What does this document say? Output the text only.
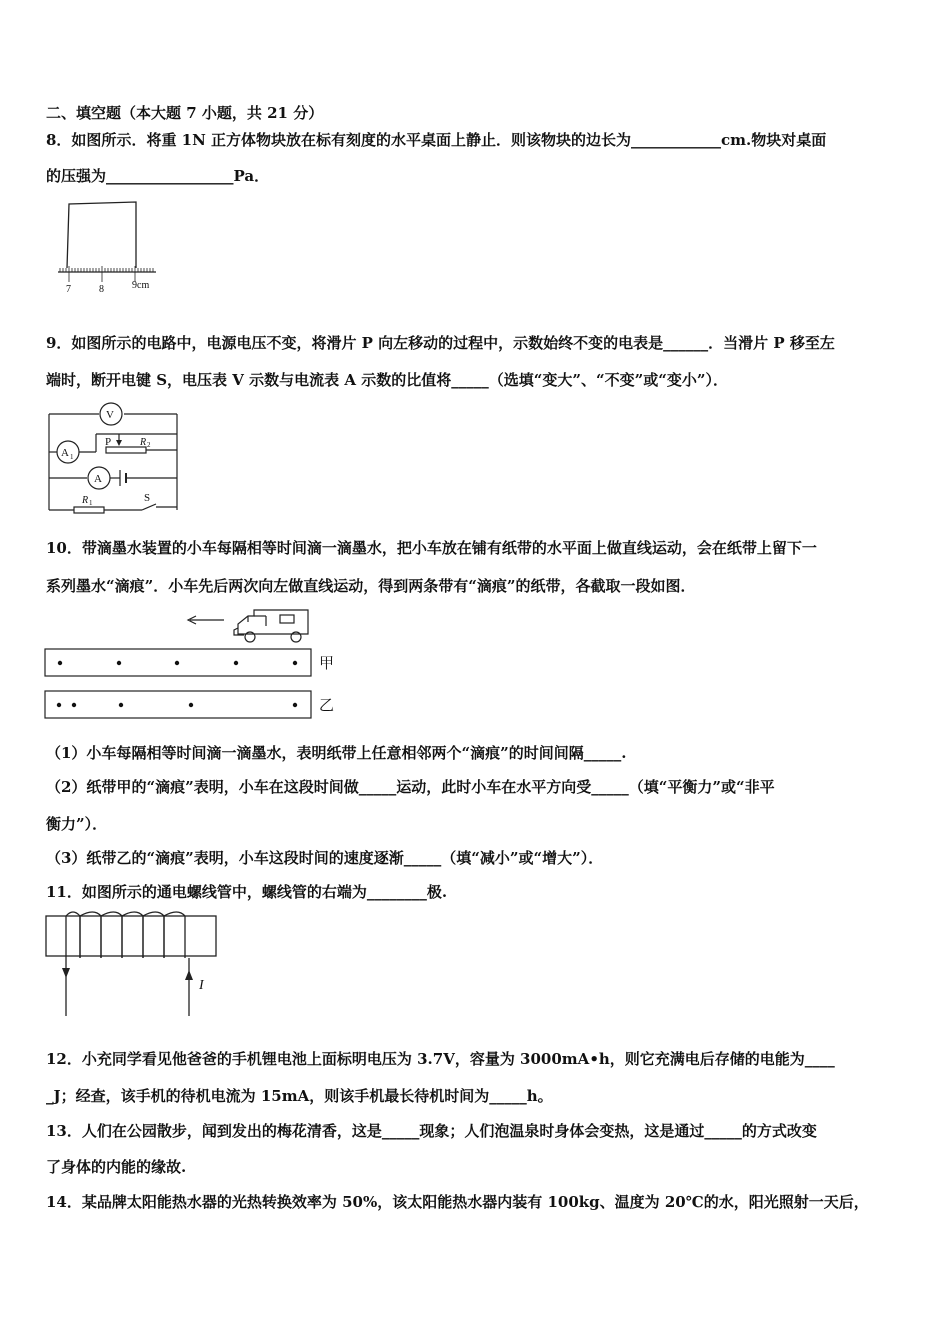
二、填空题（本大题 7 小题，共 21 分）
8．如图所示．将重 1N 正方体物块放在标有刻度的水平桌面上静止．则该物块的边长为____________cm.物块对桌面
的压强为_________________Pa．
7	8	9cm
9．如图所示的电路中，电源电压不变，将滑片 P 向左移动的过程中，示数始终不变的电表是______．当滑片 P 移至左
端时，断开电键 S，电压表 V 示数与电流表 A 示数的比值将_____（选填“变大”、“不变”或“变小”）．
V
A 1
A
P	R 2
R 1	S
10．带滴墨水装置的小车每隔相等时间滴一滴墨水，把小车放在铺有纸带的水平面上做直线运动，会在纸带上留下一
系列墨水“滴痕”．小车先后两次向左做直线运动，得到两条带有“滴痕”的纸带，各截取一段如图．
甲
乙
（1）小车每隔相等时间滴一滴墨水，表明纸带上任意相邻两个“滴痕”的时间间隔_____.
（2）纸带甲的“滴痕”表明，小车在这段时间做_____运动，此时小车在水平方向受_____（填“平衡力”或“非平
衡力”）．
（3）纸带乙的“滴痕”表明，小车这段时间的速度逐渐_____（填“减小”或“增大”）．
11．如图所示的通电螺线管中，螺线管的右端为________极.
I
12．小充同学看见他爸爸的手机锂电池上面标明电压为 3.7V，容量为 3000mA•h，则它充满电后存储的电能为____
_J；经查，该手机的待机电流为 15mA，则该手机最长待机时间为_____h。
13．人们在公园散步，闻到发出的梅花清香，这是_____现象；人们泡温泉时身体会变热，这是通过_____的方式改变
了身体的内能的缘故.
14．某品牌太阳能热水器的光热转换效率为 50%，该太阳能热水器内装有 100kg、温度为 20℃的水，阳光照射一天后，
